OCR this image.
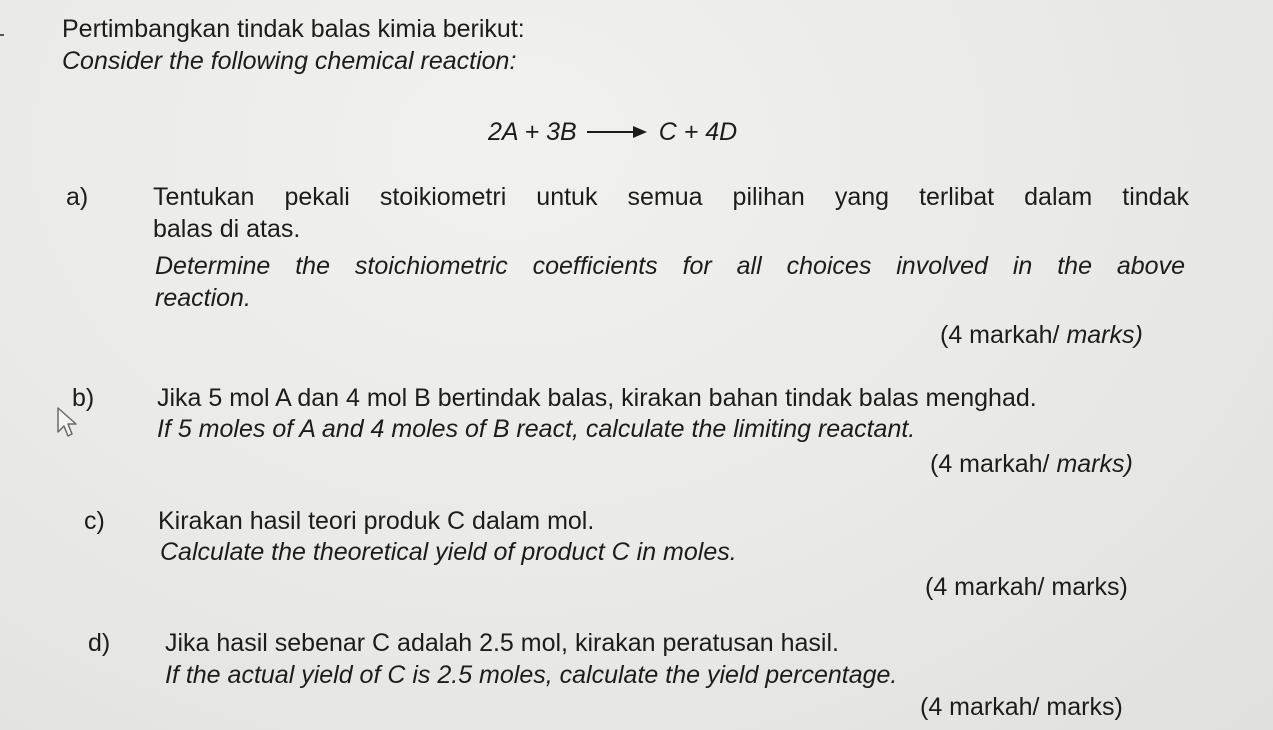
Pertimbangkan tindak balas kimia berikut:
Consider the following chemical reaction:
2A + 3B → C + 4D
a)	Tentukan pekali stoikiometri untuk semua pilihan yang terlibat dalam tindak
balas di atas.
Determine the stoichiometric coefficients for all choices involved in the above
reaction.
(4 markah/ marks)
b)	Jika 5 mol A dan 4 mol B bertindak balas, kirakan bahan tindak balas menghad.
If 5 moles of A and 4 moles of B react, calculate the limiting reactant.
(4 markah/ marks)
c) Kirakan hasil teori produk C dalam mol.
Calculate the theoretical yield of product C in moles.
(4 markah/ marks)
d) Jika hasil sebenar C adalah 2.5 mol, kirakan peratusan hasil.
If the actual yield of C is 2.5 moles, calculate the yield percentage.
(4 markah/ marks)
